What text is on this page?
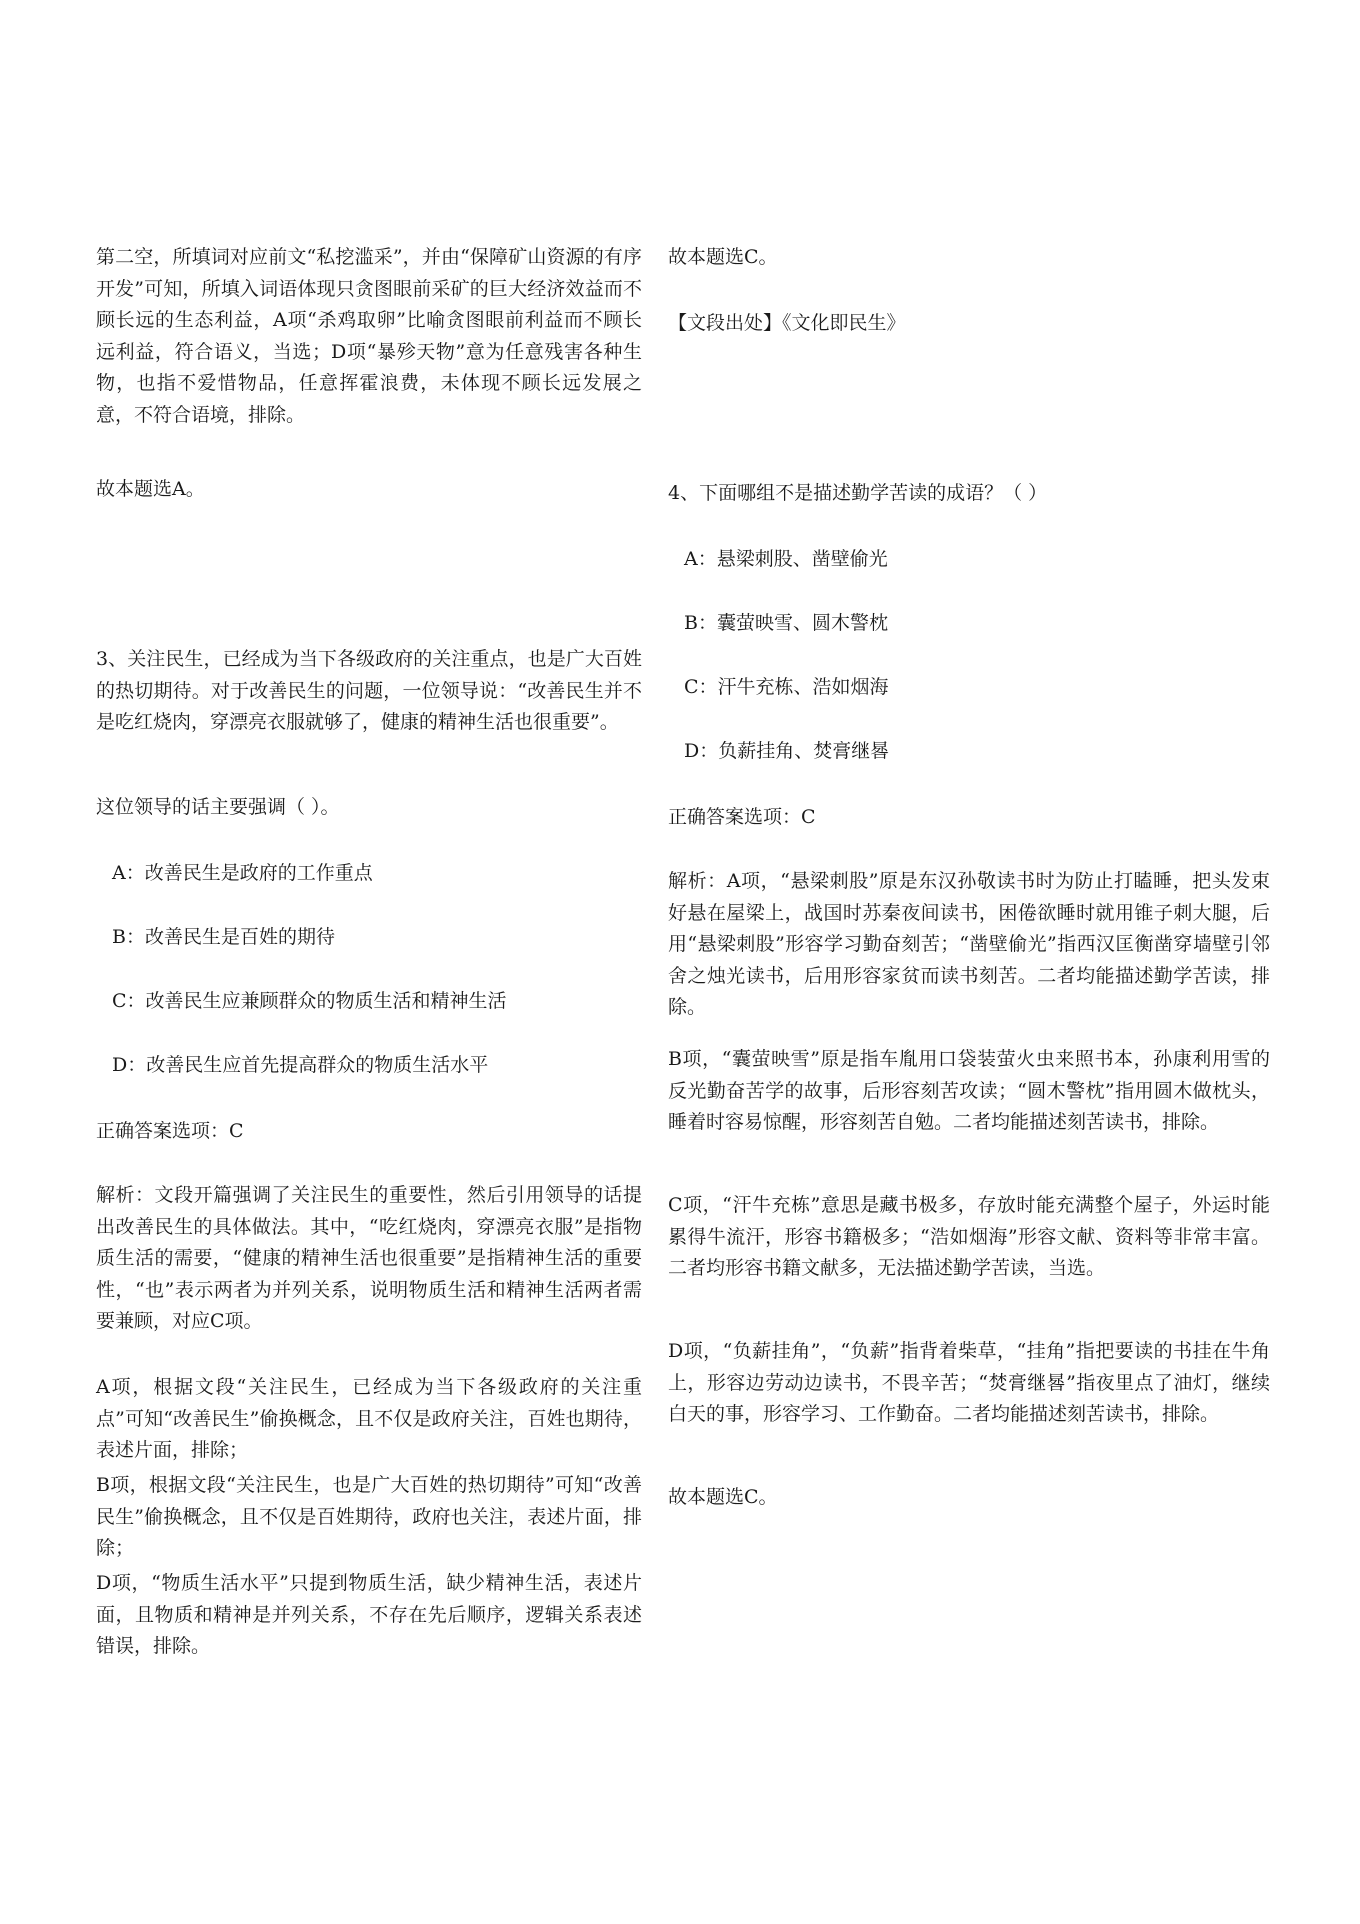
第二空，所填词对应前文“私挖滥采”，并由“保障矿山资源的有序开发”可知，所填入词语体现只贪图眼前采矿的巨大经济效益而不顾长远的生态利益，A项“杀鸡取卵”比喻贪图眼前利益而不顾长远利益，符合语义，当选；D项“暴殄天物”意为任意残害各种生物，也指不爱惜物品，任意挥霍浪费，未体现不顾长远发展之意，不符合语境，排除。

故本题选A。

3、关注民生，已经成为当下各级政府的关注重点，也是广大百姓的热切期待。对于改善民生的问题，一位领导说：“改善民生并不是吃红烧肉，穿漂亮衣服就够了，健康的精神生活也很重要”。

这位领导的话主要强调（ ）。

A：改善民生是政府的工作重点

B：改善民生是百姓的期待

C：改善民生应兼顾群众的物质生活和精神生活

D：改善民生应首先提高群众的物质生活水平

正确答案选项：C

解析：文段开篇强调了关注民生的重要性，然后引用领导的话提出改善民生的具体做法。其中，“吃红烧肉，穿漂亮衣服”是指物质生活的需要，“健康的精神生活也很重要”是指精神生活的重要性，“也”表示两者为并列关系，说明物质生活和精神生活两者需要兼顾，对应C项。

A项，根据文段“关注民生，已经成为当下各级政府的关注重点”可知“改善民生”偷换概念，且不仅是政府关注，百姓也期待，表述片面，排除；

B项，根据文段“关注民生，也是广大百姓的热切期待”可知“改善民生”偷换概念，且不仅是百姓期待，政府也关注，表述片面，排除；

D项，“物质生活水平”只提到物质生活，缺少精神生活，表述片面，且物质和精神是并列关系，不存在先后顺序，逻辑关系表述错误，排除。

故本题选C。

【文段出处】《文化即民生》

4、下面哪组不是描述勤学苦读的成语？（ ）

A：悬梁刺股、凿壁偷光

B：囊萤映雪、圆木警枕

C：汗牛充栋、浩如烟海

D：负薪挂角、焚膏继晷

正确答案选项：C

解析：A项，“悬梁刺股”原是东汉孙敬读书时为防止打瞌睡，把头发束好悬在屋梁上，战国时苏秦夜间读书，困倦欲睡时就用锥子刺大腿，后用“悬梁刺股”形容学习勤奋刻苦；“凿壁偷光”指西汉匡衡凿穿墙壁引邻舍之烛光读书，后用形容家贫而读书刻苦。二者均能描述勤学苦读，排除。

B项，“囊萤映雪”原是指车胤用口袋装萤火虫来照书本，孙康利用雪的反光勤奋苦学的故事，后形容刻苦攻读；“圆木警枕”指用圆木做枕头，睡着时容易惊醒，形容刻苦自勉。二者均能描述刻苦读书，排除。

C项，“汗牛充栋”意思是藏书极多，存放时能充满整个屋子，外运时能累得牛流汗，形容书籍极多；“浩如烟海”形容文献、资料等非常丰富。二者均形容书籍文献多，无法描述勤学苦读，当选。

D项，“负薪挂角”，“负薪”指背着柴草，“挂角”指把要读的书挂在牛角上，形容边劳动边读书，不畏辛苦；“焚膏继晷”指夜里点了油灯，继续白天的事，形容学习、工作勤奋。二者均能描述刻苦读书，排除。

故本题选C。
